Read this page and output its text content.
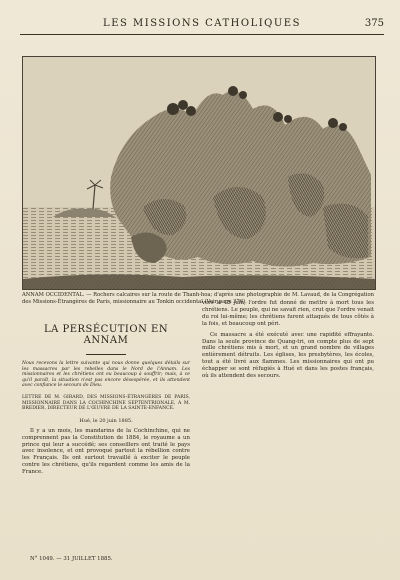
LES MISSIONS CATHOLIQUES	375
ANNAM OCCIDENTAL. — Rochers calcaires sur la route de Thanh-hoa; d'après une photographie de M. Lavaud, de la Congrégation des Missions-Étrangères de Paris, missionnaire au Tonkin occidental (Voir page 376).
LA PERSÉCUTION EN ANNAM

Nous recevons la lettre suivante qui nous donne quelques détails sur les massacres par les rebelles dans le Nord de l'Annam. Les missionnaires et les chrétiens ont eu beaucoup à souffrir; mais, à ce qu'il paraît, la situation n'est pas encore désespérée, et ils attendent avec confiance le secours de Dieu.

LETTRE DE M. GIRARD, DES MISSIONS-ÉTRANGÈRES DE PARIS, MISSIONNAIRE DANS LA COCHINCHINE SEPTENTRIONALE, A M. BREDIER, DIRECTEUR DE L'ŒUVRE DE LA SAINTE-ENFANCE.

Hué, le 20 juin 1885.

Il y a un mois, les mandarins de la Cochinchine, qui ne comprennent pas la Constitution de 1884, le royaume a un prince qui leur a succédé; ses conseillers ont traité le pays avec insolence, et ont provoqué partout la rébellion contre les Français. Ils ont surtout travaillé à exciter le peuple contre les chrétiens, qu'ils regardent comme les amis de la France.

vers le 15 juin, l'ordre fut donné de mettre à mort tous les chrétiens. Le peuple, qui ne savait rien, crut que l'ordre venait du roi lui-même; les chrétiens furent attaqués de tous côtés à la fois, et beaucoup ont péri.

Ce massacre a été exécuté avec une rapidité effrayante. Dans la seule province de Quang-tri, on compte plus de sept mille chrétiens mis à mort, et un grand nombre de villages entièrement détruits. Les églises, les presbytères, les écoles, tout a été livré aux flammes. Les missionnaires qui ont pu échapper se sont réfugiés à Hué et dans les postes français, où ils attendent des secours.

N° 1049. — 31 JUILLET 1885.
